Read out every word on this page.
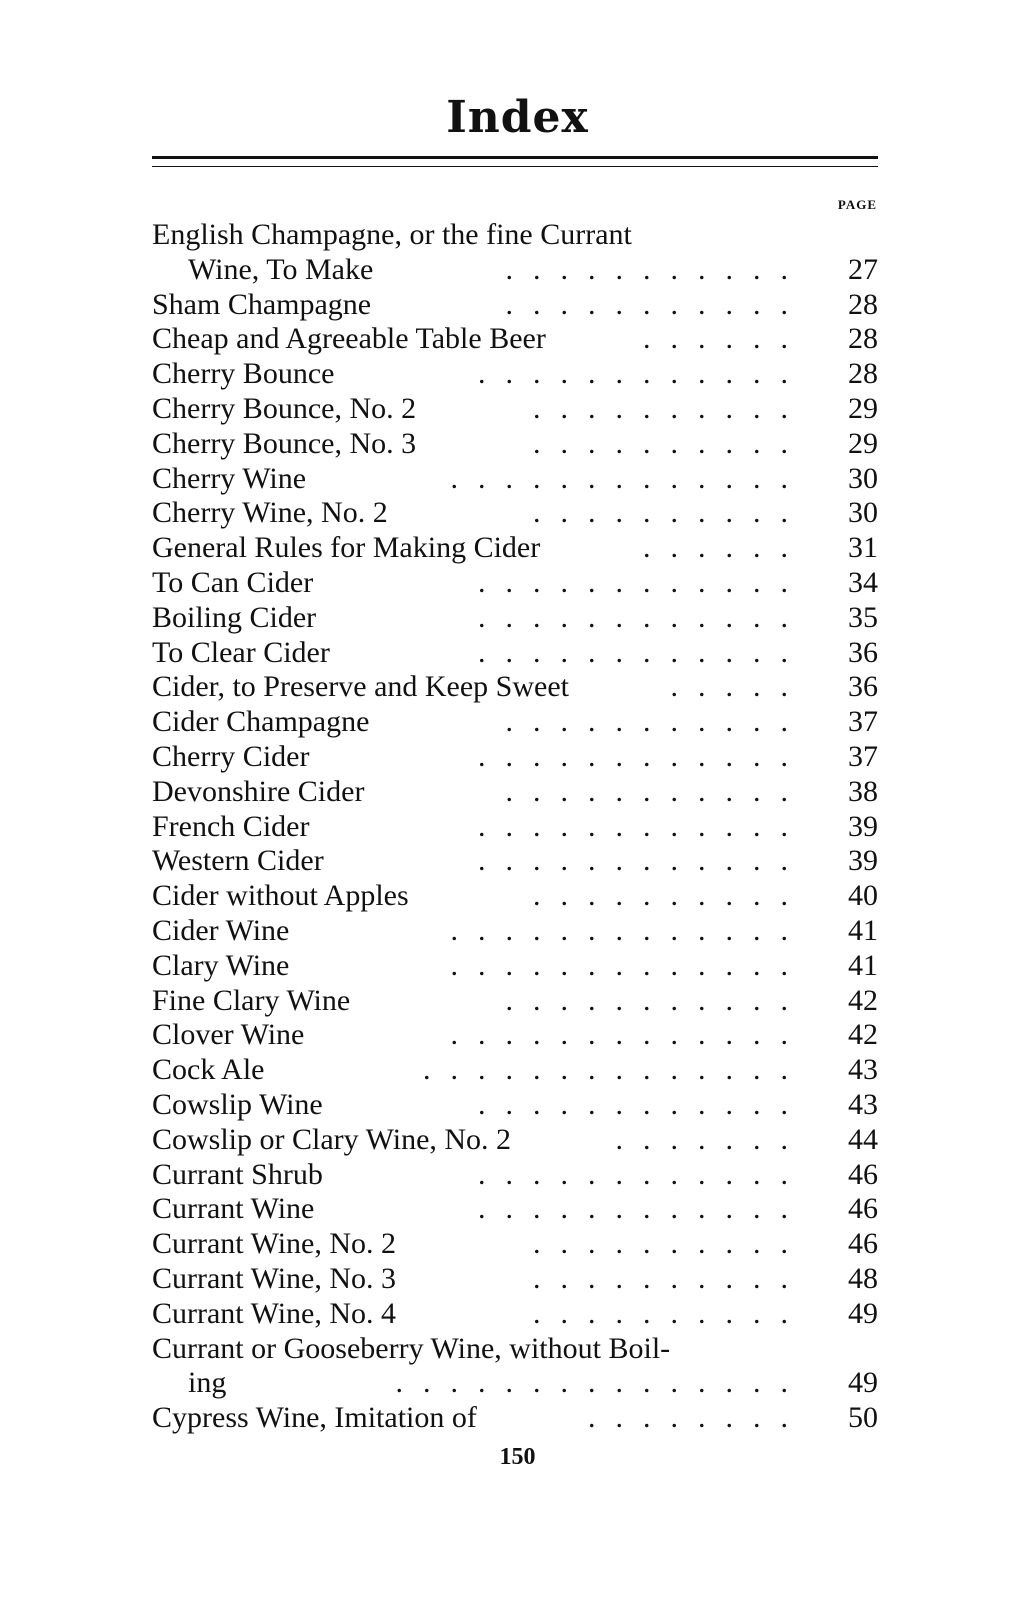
Index
PAGE
English Champagne, or the fine Currant
Wine, To Make	...........	27
Sham Champagne	...........	28
Cheap and Agreeable Table Beer	......	28
Cherry Bounce	............	28
Cherry Bounce, No. 2	..........	29
Cherry Bounce, No. 3	..........	29
Cherry Wine	.............	30
Cherry Wine, No. 2	..........	30
General Rules for Making Cider	......	31
To Can Cider	............	34
Boiling Cider	............	35
To Clear Cider	............	36
Cider, to Preserve and Keep Sweet	.....	36
Cider Champagne	...........	37
Cherry Cider	............	37
Devonshire Cider	...........	38
French Cider	............	39
Western Cider	............	39
Cider without Apples	..........	40
Cider Wine	.............	41
Clary Wine	.............	41
Fine Clary Wine	...........	42
Clover Wine	.............	42
Cock Ale	..............	43
Cowslip Wine	............	43
Cowslip or Clary Wine, No. 2	.......	44
Currant Shrub	............	46
Currant Wine	............	46
Currant Wine, No. 2	..........	46
Currant Wine, No. 3	..........	48
Currant Wine, No. 4	..........	49
Currant or Gooseberry Wine, without Boil-
ing	...............	49
Cypress Wine, Imitation of	........	50
150
